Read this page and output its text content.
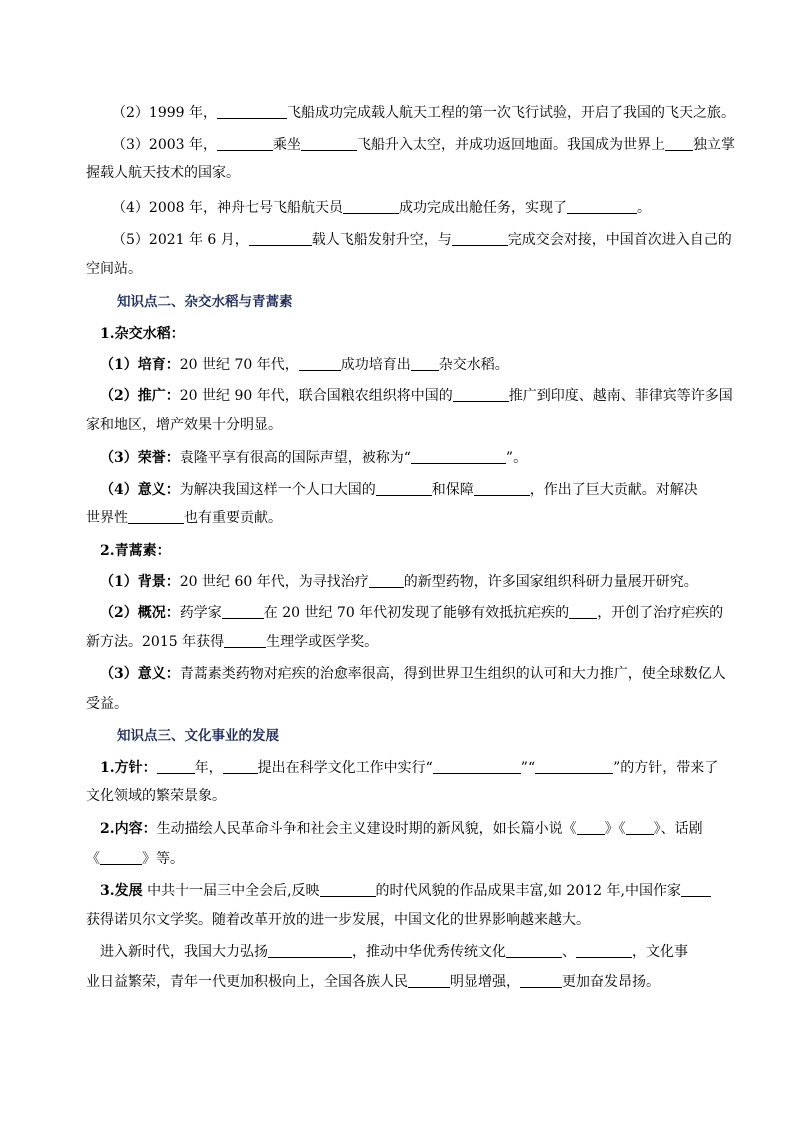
（2）1999 年，	飞船成功完成载人航天工程的第一次飞行试验，开启了我国的飞天之旅。
（3）2003 年，	乘坐	飞船升入太空，并成功返回地面。我国成为世界上 独立掌
握载人航天技术的国家。
（4）2008 年，神舟七号飞船航天员	成功完成出舱任务，实现了	。
（5）2021 年 6 月，	载人飞船发射升空，与	完成交会对接，中国首次进入自己的
空间站。
知识点二、杂交水稻与青蒿素
1.杂交水稻：
（1）培育：20 世纪 70 年代，	成功培育出 杂交水稻。
（2）推广：20 世纪 90 年代，联合国粮农组织将中国的	推广到印度、越南、菲律宾等许多国
家和地区，增产效果十分明显。
（3）荣誉：袁隆平享有很高的国际声望，被称为“	”。
（4）意义：为解决我国这样一个人口大国的	和保障	，作出了巨大贡献。对解决
世界性	也有重要贡献。
2.青蒿素：
（1）背景：20 世纪 60 年代，为寻找治疗	的新型药物，许多国家组织科研力量展开研究。
（2）概况：药学家	在 20 世纪 70 年代初发现了能够有效抵抗疟疾的 ，开创了治疗疟疾的
新方法。2015 年获得	生理学或医学奖。
（3）意义：青蒿素类药物对疟疾的治愈率很高，得到世界卫生组织的认可和大力推广，使全球数亿人
受益。
知识点三、文化事业的发展
1.方针：	年，	提出在科学文化工作中实行“	”“	”的方针，带来了
文化领域的繁荣景象。
2.内容：生动描绘人民革命斗争和社会主义建设时期的新风貌，如长篇小说《 》《 》、话剧
《	》等。
3.发展 中共十一届三中全会后,反映	的时代风貌的作品成果丰富,如 2012 年,中国作家
获得诺贝尔文学奖。随着改革开放的进一步发展，中国文化的世界影响越来越大。
进入新时代，我国大力弘扬	，推动中华优秀传统文化	、	，文化事
业日益繁荣，青年一代更加积极向上，全国各族人民	明显增强，	更加奋发昂扬。
